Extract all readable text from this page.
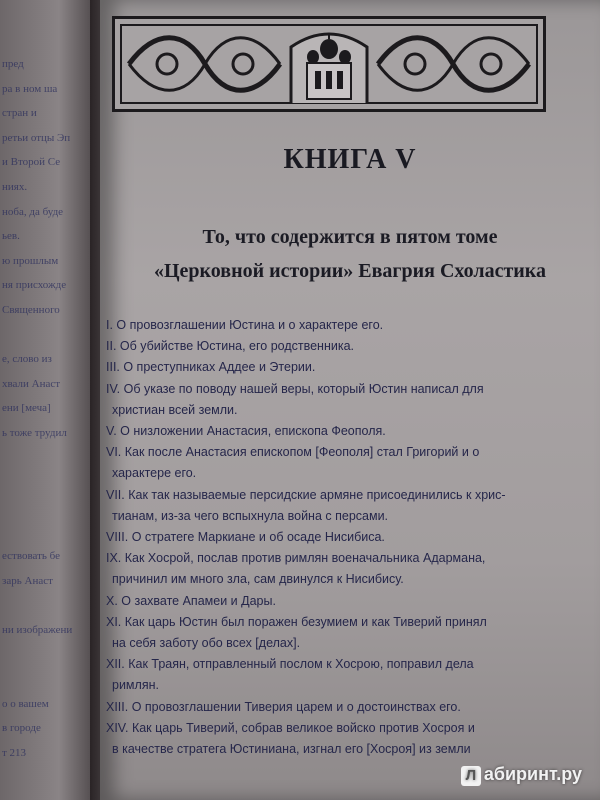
пред
ра в ном ша
стран и
ретьи отцы Эп
и Второй Се
ниях.
ноба, да буде
ьев.
ю прошлым
ня присхожде
Священного
е, слово из
хвали Анаст
ени [меча]
ь тоже трудил
ествовать бе
зарь Анаст
ни изображени
о о вашем
в городе
т 213
КНИГА V
То, что содержится в пятом томе
«Церковной истории» Евагрия Схоластика
I. О провозглашении Юстина и о характере его.
II. Об убийстве Юстина, его родственника.
III. О преступниках Аддее и Этерии.
IV. Об указе по поводу нашей веры, который Юстин написал для
христиан всей земли.
V. О низложении Анастасия, епископа Феополя.
VI. Как после Анастасия епископом [Феополя] стал Григорий и о
характере его.
VII. Как так называемые персидские армяне присоединились к хрис-
тианам, из-за чего вспыхнула война с персами.
VIII. О стратеге Маркиане и об осаде Нисибиса.
IX. Как Хосрой, послав против римлян военачальника Адармана,
причинил им много зла, сам двинулся к Нисибису.
X. О захвате Апамеи и Дары.
XI. Как царь Юстин был поражен безумием и как Тиверий принял
на себя заботу обо всех [делах].
XII. Как Траян, отправленный послом к Хосрою, поправил дела
римлян.
XIII. О провозглашении Тиверия царем и о достоинствах его.
XIV. Как царь Тиверий, собрав великое войско против Хосроя и
в качестве стратега Юстиниана, изгнал его [Хосроя] из земли
Л абиринт.ру
